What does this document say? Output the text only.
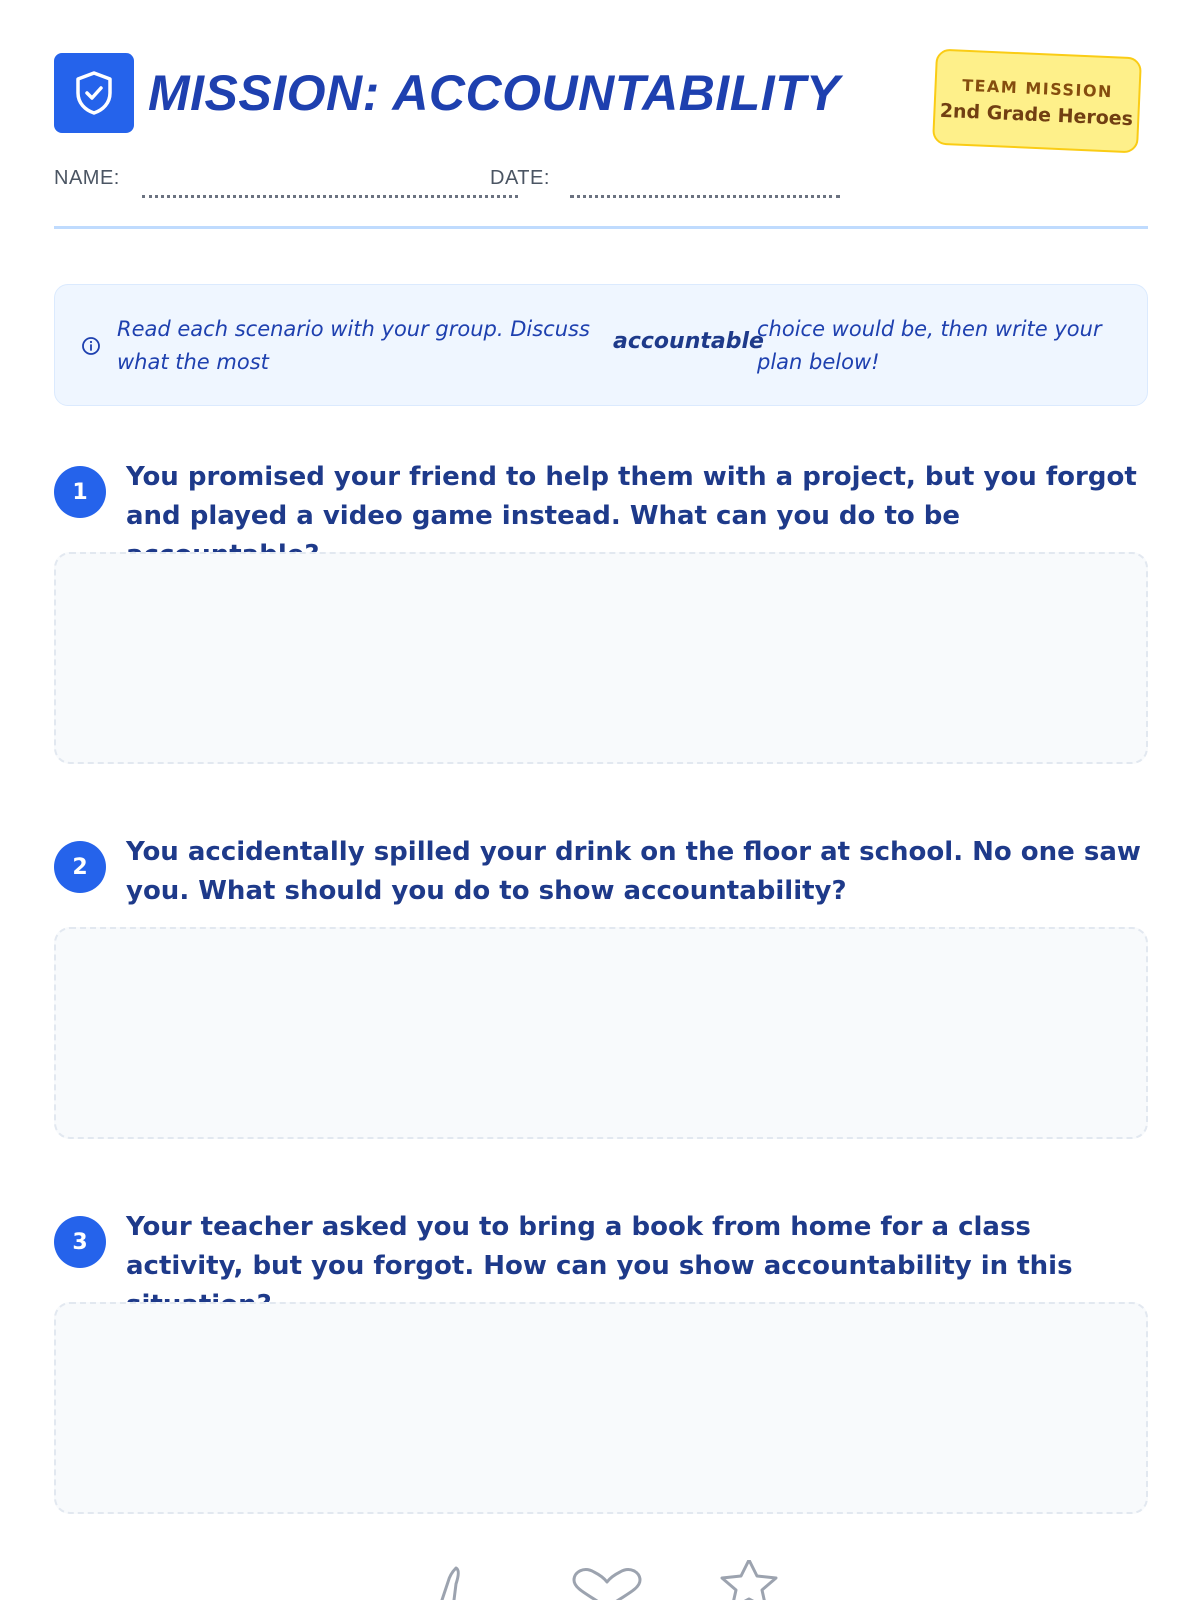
MISSION: ACCOUNTABILITY	TEAM MISSION
2nd Grade Heroes
NAME:	DATE:
Read each scenario with your group. Discuss what the most
accountable
choice would be, then write your plan below!
1	You promised your friend to help them with a project, but you forgot and played a video game instead. What can you do to be
2	You accidentally spilled your drink on the floor at school. No one saw you. What should you do to show accountability?
3	Your teacher asked you to bring a book from home for a class activity, but you forgot. How can you show accountability in this
